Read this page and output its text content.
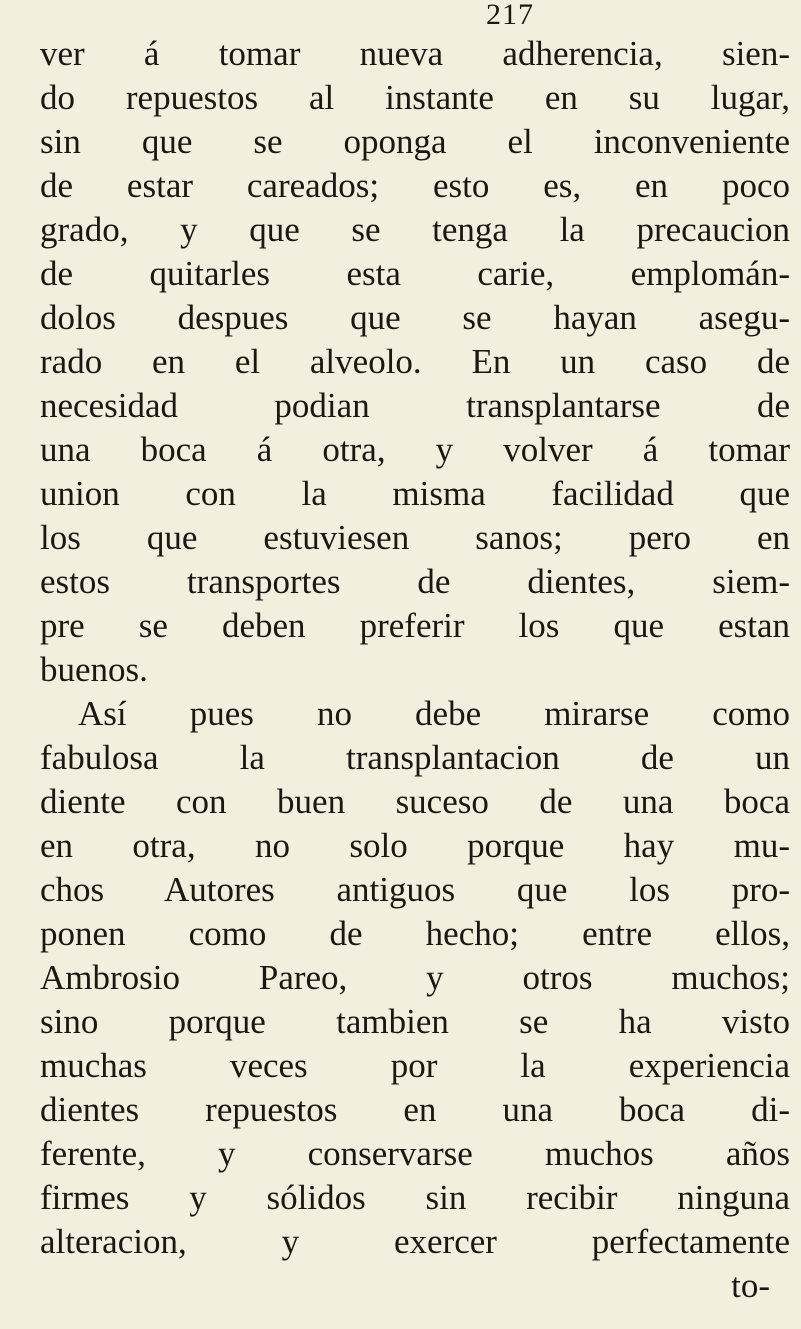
217
ver á tomar nueva adherencia, sien-
do repuestos al instante en su lugar,
sin que se oponga el inconveniente
de estar careados; esto es, en poco
grado, y que se tenga la precaucion
de quitarles esta carie, emplomán-
dolos despues que se hayan asegu-
rado en el alveolo. En un caso de
necesidad podian transplantarse de
una boca á otra, y volver á tomar
union con la misma facilidad que
los que estuviesen sanos; pero en
estos transportes de dientes, siem-
pre se deben preferir los que estan
buenos.
Así pues no debe mirarse como
fabulosa la transplantacion de un
diente con buen suceso de una boca
en otra, no solo porque hay mu-
chos Autores antiguos que los pro-
ponen como de hecho; entre ellos,
Ambrosio Pareo, y otros muchos;
sino porque tambien se ha visto
muchas veces por la experiencia
dientes repuestos en una boca di-
ferente, y conservarse muchos años
firmes y sólidos sin recibir ninguna
alteracion, y exercer perfectamente
to-
